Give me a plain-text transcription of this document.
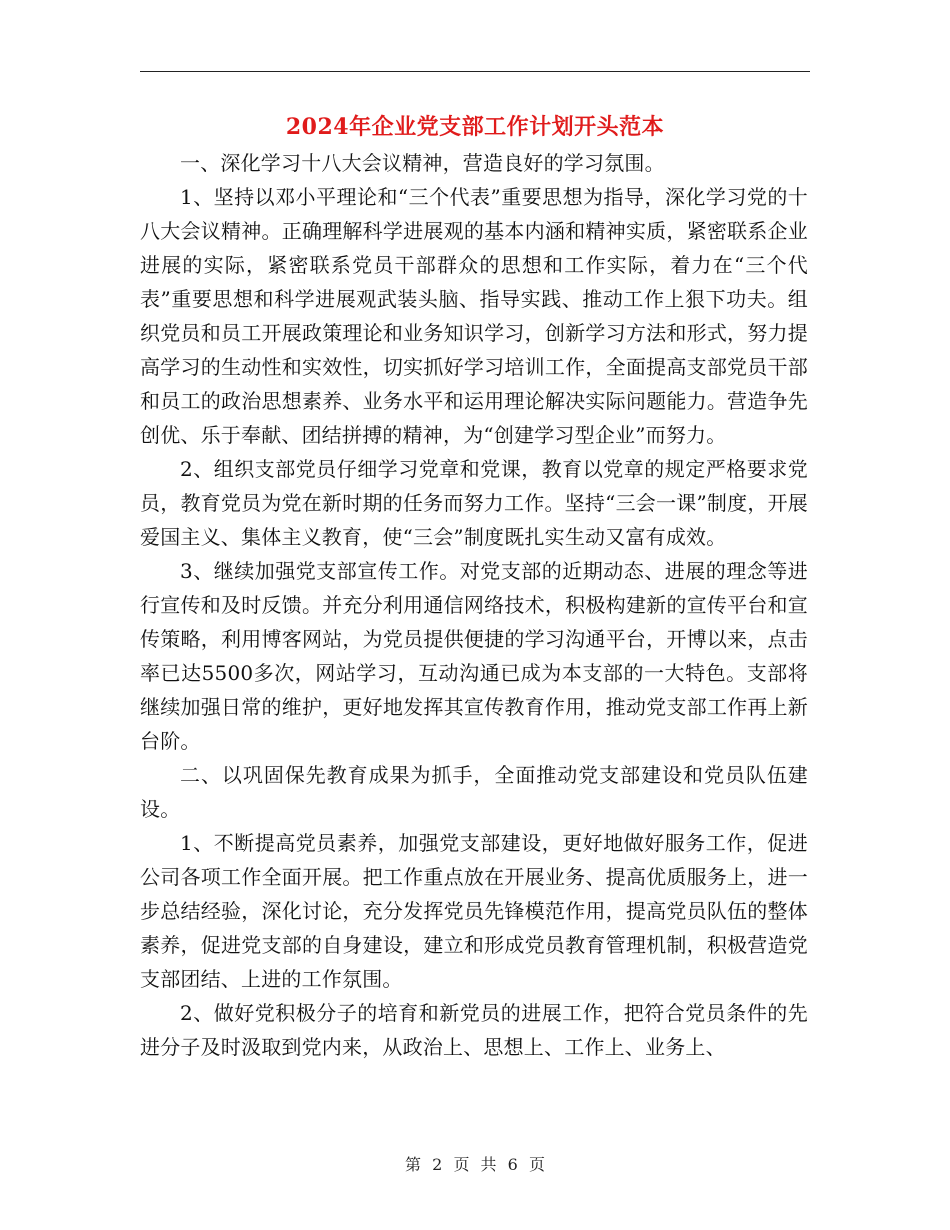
2024年企业党支部工作计划开头范本

一、深化学习十八大会议精神，营造良好的学习氛围。

1、坚持以邓小平理论和“三个代表”重要思想为指导，深化学习党的十八大会议精神。正确理解科学进展观的基本内涵和精神实质，紧密联系企业进展的实际，紧密联系党员干部群众的思想和工作实际，着力在“三个代表”重要思想和科学进展观武装头脑、指导实践、推动工作上狠下功夫。组织党员和员工开展政策理论和业务知识学习，创新学习方法和形式，努力提高学习的生动性和实效性，切实抓好学习培训工作，全面提高支部党员干部和员工的政治思想素养、业务水平和运用理论解决实际问题能力。营造争先创优、乐于奉献、团结拼搏的精神，为“创建学习型企业”而努力。

2、组织支部党员仔细学习党章和党课，教育以党章的规定严格要求党员，教育党员为党在新时期的任务而努力工作。坚持“三会一课”制度，开展爱国主义、集体主义教育，使“三会”制度既扎实生动又富有成效。

3、继续加强党支部宣传工作。对党支部的近期动态、进展的理念等进行宣传和及时反馈。并充分利用通信网络技术，积极构建新的宣传平台和宣传策略，利用博客网站，为党员提供便捷的学习沟通平台，开博以来，点击率已达5500多次，网站学习，互动沟通已成为本支部的一大特色。支部将继续加强日常的维护，更好地发挥其宣传教育作用，推动党支部工作再上新台阶。

二、以巩固保先教育成果为抓手，全面推动党支部建设和党员队伍建设。

1、不断提高党员素养，加强党支部建设，更好地做好服务工作，促进公司各项工作全面开展。把工作重点放在开展业务、提高优质服务上，进一步总结经验，深化讨论，充分发挥党员先锋模范作用，提高党员队伍的整体素养，促进党支部的自身建设，建立和形成党员教育管理机制，积极营造党支部团结、上进的工作氛围。

2、做好党积极分子的培育和新党员的进展工作，把符合党员条件的先进分子及时汲取到党内来，从政治上、思想上、工作上、业务上、

第 2 页 共 6 页
